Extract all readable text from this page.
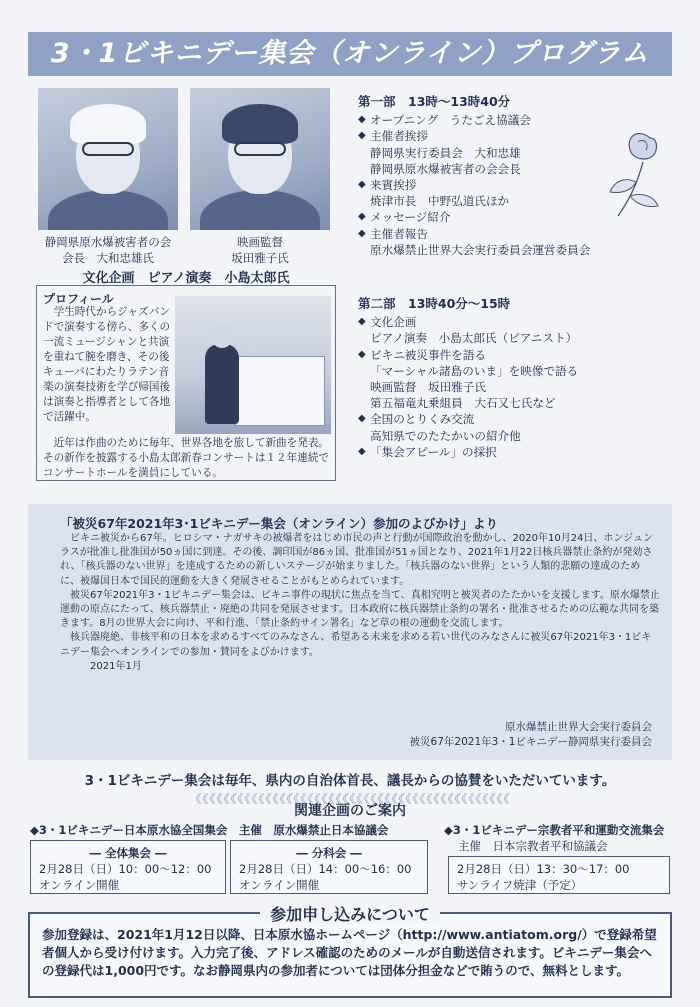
3・1ビキニデー集会（オンライン）プログラム
静岡県原水爆被害者の会
会長　大和忠雄氏
映画監督
坂田雅子氏
文化企画　ピアノ演奏　小島太郎氏
プロフィール
学生時代からジャズバンドで演奏する傍ら、多くの一流ミュージシャンと共演を重ねて腕を磨き、その後キューバにわたりラテン音楽の演奏技術を学び帰国後は演奏と指導者として各地で活躍中。
近年は作曲のために毎年、世界各地を旅して新曲を発表。その新作を披露する小島太郎新春コンサートは１２年連続でコンサートホールを満員にしている。
第一部　13時～13時40分
◆ オープニング　うたごえ協議会
◆ 主催者挨拶
静岡県実行委員会　大和忠雄
静岡県原水爆被害者の会会長
◆ 来賓挨拶
焼津市長　中野弘道氏ほか
◆ メッセージ紹介
◆ 主催者報告
原水爆禁止世界大会実行委員会運営委員会
第二部　13時40分～15時
◆ 文化企画
ピアノ演奏　小島太郎氏（ピアニスト）
◆ ビキニ被災事件を語る
「マーシャル諸島のいま」を映像で語る
映画監督　坂田雅子氏
第五福竜丸乗組員　大石又七氏など
◆ 全国のとりくみ交流
高知県でのたたかいの紹介他
◆ 「集会アピール」の採択
「被災67年2021年3･1ビキニデー集会（オンライン）参加のよびかけ」より

ビキニ被災から67年。ヒロシマ・ナガサキの被爆者をはじめ市民の声と行動が国際政治を動かし、2020年10月24日、ホンジュンラスが批准し批准国が50ヵ国に到達。その後、調印国が86ヵ国、批准国が51ヵ国となり、2021年1月22日核兵器禁止条約が発効され、「核兵器のない世界」を達成するための新しいステージが始まりました。「核兵器のない世界」という人類的悲願の達成のために、被爆国日本で国民的運動を大きく発展させることがもとめられています。

被災67年2021年3・1ビキニデー集会は、ビキニ事件の現状に焦点を当て、真相究明と被災者のたたかいを支援します。原水爆禁止運動の原点にたって、核兵器禁止・廃絶の共同を発展させます。日本政府に核兵器禁止条約の署名・批准させるための広範な共同を築きます。8月の世界大会に向け、平和行進、「禁止条約サイン署名」など草の根の運動を交流します。

核兵器廃絶、非核平和の日本を求めるすべてのみなさん、希望ある未来を求める若い世代のみなさんに被災67年2021年3・1ビキニデー集会へオンラインでの参加・賛同をよびかけます。

2021年1月
原水爆禁止世界大会実行委員会
被災67年2021年3・1ビキニデー静岡県実行委員会
3・1ビキニデー集会は毎年、県内の自治体首長、議長からの協賛をいただいています。
《《《《《《《《《《《《《《《《《《《《《《《《《《《《《《《《《《《《《《《《《《《《《
関連企画のご案内
◆3・1ビキニデー日本原水協全国集会　主催　原水爆禁止日本協議会
― 全体集会 ―
2月28日（日）10：00～12：00
オンライン開催
― 分科会 ―
2月28日（日）14：00～16：00
オンライン開催
◆3・1ビキニデー宗教者平和運動交流集会
主催　日本宗教者平和協議会
2月28日（日）13：30～17：00
サンライフ焼津（予定）
参加登録は、2021年1月12日以降、日本原水協ホームページ（http://www.antiatom.org/）で登録希望者個人から受け付けます。入力完了後、アドレス確認のためのメールが自動送信されます。ビキニデー集会への登録代は1,000円です。なお静岡県内の参加者については団体分担金などで賄うので、無料とします。
参加申し込みについて
